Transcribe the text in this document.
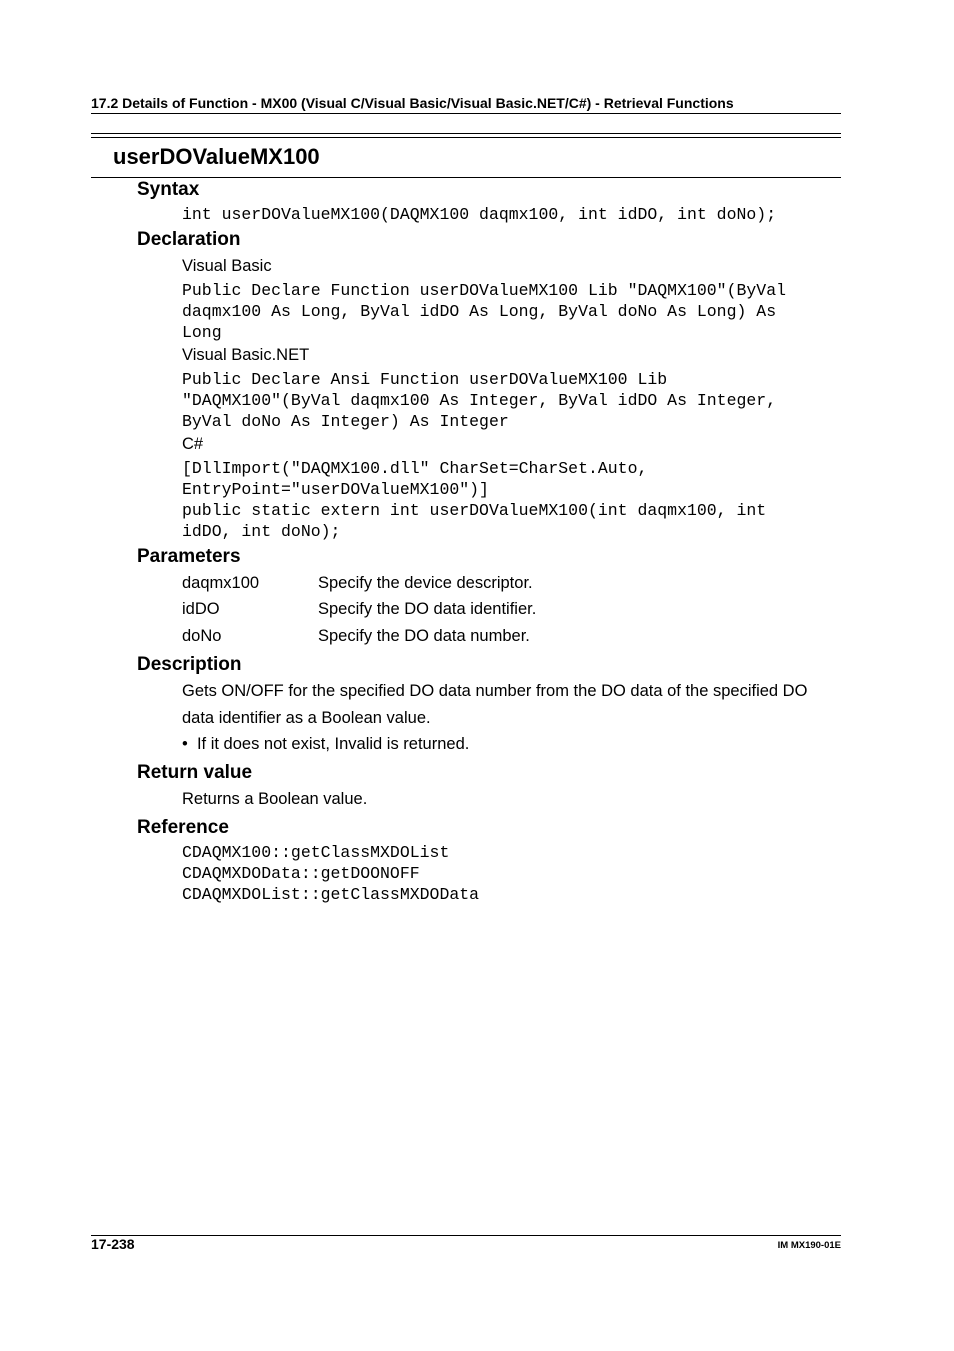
17.2 Details of Function - MX00 (Visual C/Visual Basic/Visual Basic.NET/C#) - Retrieval Functions
userDOValueMX100
Syntax
int userDOValueMX100(DAQMX100 daqmx100, int idDO, int doNo);
Declaration
Visual Basic
Public Declare Function userDOValueMX100 Lib "DAQMX100"(ByVal
daqmx100 As Long, ByVal idDO As Long, ByVal doNo As Long) As
Long
Visual Basic.NET
Public Declare Ansi Function userDOValueMX100 Lib
"DAQMX100"(ByVal daqmx100 As Integer, ByVal idDO As Integer,
ByVal doNo As Integer) As Integer
C#
[DllImport("DAQMX100.dll" CharSet=CharSet.Auto,
EntryPoint="userDOValueMX100")]
public static extern int userDOValueMX100(int daqmx100, int
idDO, int doNo);
Parameters
daqmx100	Specify the device descriptor.
idDO	Specify the DO data identifier.
doNo	Specify the DO data number.
Description
Gets ON/OFF for the specified DO data number from the DO data of the specified DO data identifier as a Boolean value.
•  If it does not exist, Invalid is returned.
Return value
Returns a Boolean value.
Reference
CDAQMX100::getClassMXDOList
CDAQMXDOData::getDOONOFF
CDAQMXDOList::getClassMXDOData
17-238	IM MX190-01E
